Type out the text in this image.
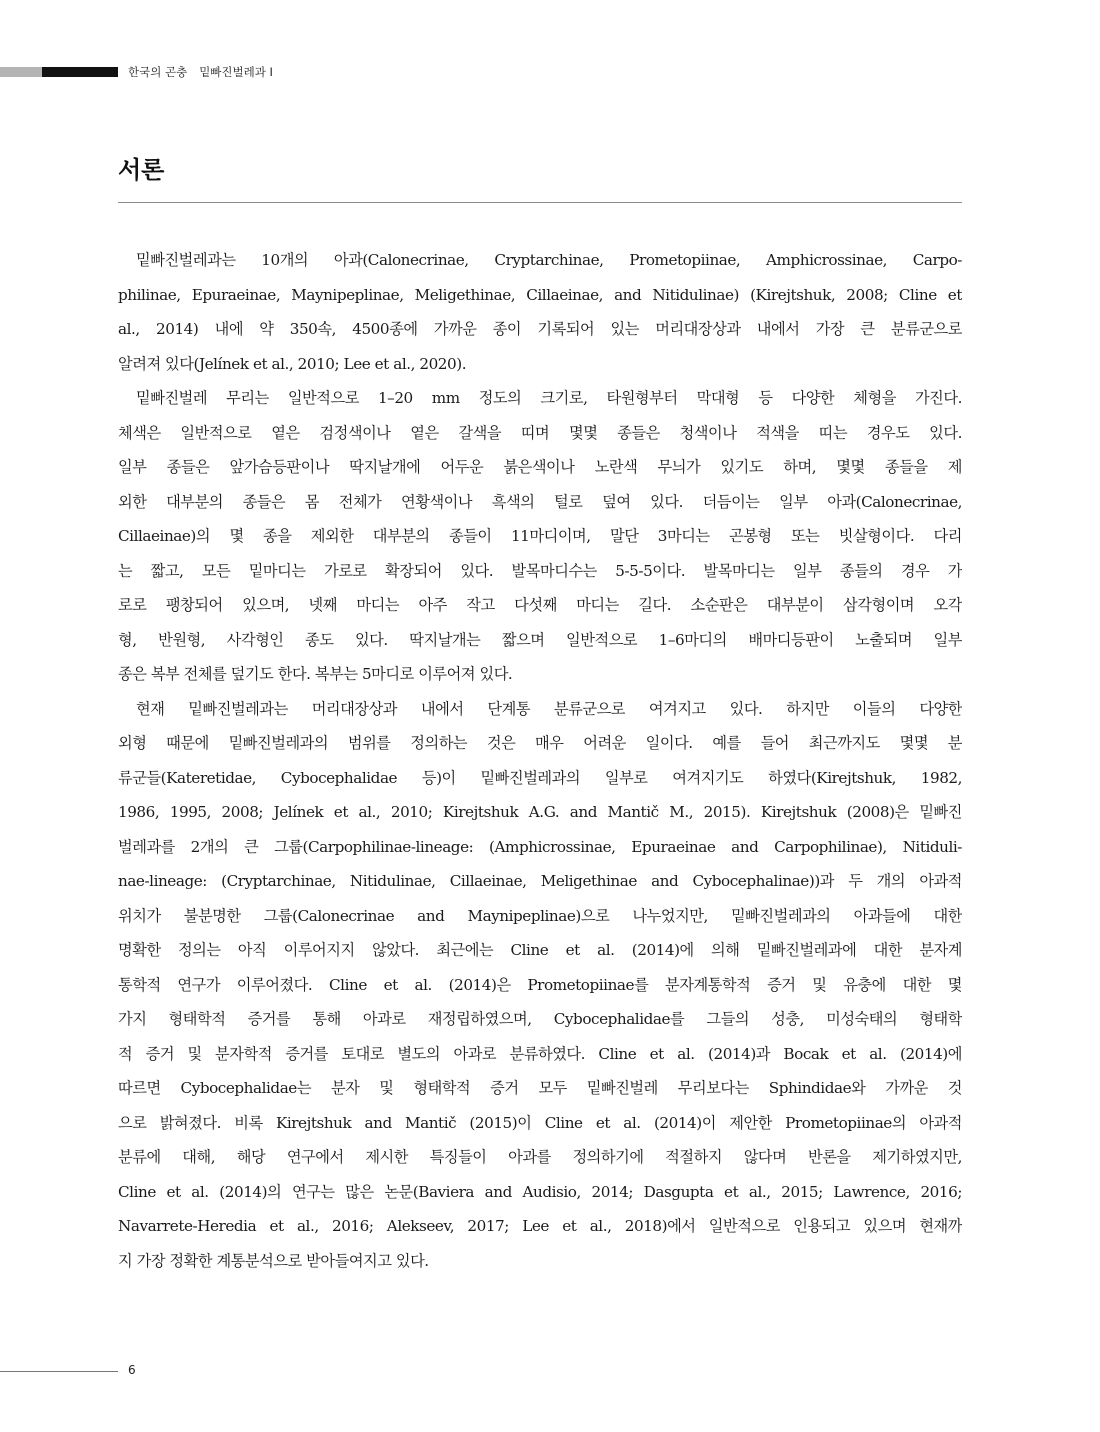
한국의 곤충 밑빠진벌레과 I
서론
밑빠진벌레과는 10개의 아과(Calonecrinae, Cryptarchinae, Prometopiinae, Amphicrossinae, Carpo-
philinae, Epuraeinae, Maynipeplinae, Meligethinae, Cillaeinae, and Nitidulinae) (Kirejtshuk, 2008; Cline et
al., 2014) 내에 약 350속, 4500종에 가까운 종이 기록되어 있는 머리대장상과 내에서 가장 큰 분류군으로
알려져 있다(Jelínek et al., 2010; Lee et al., 2020).
밑빠진벌레 무리는 일반적으로 1–20 mm 정도의 크기로, 타원형부터 막대형 등 다양한 체형을 가진다.
체색은 일반적으로 옅은 검정색이나 옅은 갈색을 띠며 몇몇 종들은 청색이나 적색을 띠는 경우도 있다.
일부 종들은 앞가슴등판이나 딱지날개에 어두운 붉은색이나 노란색 무늬가 있기도 하며, 몇몇 종들을 제
외한 대부분의 종들은 몸 전체가 연황색이나 흑색의 털로 덮여 있다. 더듬이는 일부 아과(Calonecrinae,
Cillaeinae)의 몇 종을 제외한 대부분의 종들이 11마디이며, 말단 3마디는 곤봉형 또는 빗살형이다. 다리
는 짧고, 모든 밑마디는 가로로 확장되어 있다. 발목마디수는 5-5-5이다. 발목마디는 일부 종들의 경우 가
로로 팽창되어 있으며, 넷째 마디는 아주 작고 다섯째 마디는 길다. 소순판은 대부분이 삼각형이며 오각
형, 반원형, 사각형인 종도 있다. 딱지날개는 짧으며 일반적으로 1–6마디의 배마디등판이 노출되며 일부
종은 복부 전체를 덮기도 한다. 복부는 5마디로 이루어져 있다.
현재 밑빠진벌레과는 머리대장상과 내에서 단계통 분류군으로 여겨지고 있다. 하지만 이들의 다양한
외형 때문에 밑빠진벌레과의 범위를 정의하는 것은 매우 어려운 일이다. 예를 들어 최근까지도 몇몇 분
류군들(Kateretidae, Cybocephalidae 등)이 밑빠진벌레과의 일부로 여겨지기도 하였다(Kirejtshuk, 1982,
1986, 1995, 2008; Jelínek et al., 2010; Kirejtshuk A.G. and Mantič M., 2015). Kirejtshuk (2008)은 밑빠진
벌레과를 2개의 큰 그룹(Carpophilinae-lineage: (Amphicrossinae, Epuraeinae and Carpophilinae), Nitiduli-
nae-lineage: (Cryptarchinae, Nitidulinae, Cillaeinae, Meligethinae and Cybocephalinae))과 두 개의 아과적
위치가 불분명한 그룹(Calonecrinae and Maynipeplinae)으로 나누었지만, 밑빠진벌레과의 아과들에 대한
명확한 정의는 아직 이루어지지 않았다. 최근에는 Cline et al. (2014)에 의해 밑빠진벌레과에 대한 분자계
통학적 연구가 이루어졌다. Cline et al. (2014)은 Prometopiinae를 분자계통학적 증거 및 유충에 대한 몇
가지 형태학적 증거를 통해 아과로 재정립하였으며, Cybocephalidae를 그들의 성충, 미성숙태의 형태학
적 증거 및 분자학적 증거를 토대로 별도의 아과로 분류하였다. Cline et al. (2014)과 Bocak et al. (2014)에
따르면 Cybocephalidae는 분자 및 형태학적 증거 모두 밑빠진벌레 무리보다는 Sphindidae와 가까운 것
으로 밝혀졌다. 비록 Kirejtshuk and Mantič (2015)이 Cline et al. (2014)이 제안한 Prometopiinae의 아과적
분류에 대해, 해당 연구에서 제시한 특징들이 아과를 정의하기에 적절하지 않다며 반론을 제기하였지만,
Cline et al. (2014)의 연구는 많은 논문(Baviera and Audisio, 2014; Dasgupta et al., 2015; Lawrence, 2016;
Navarrete-Heredia et al., 2016; Alekseev, 2017; Lee et al., 2018)에서 일반적으로 인용되고 있으며 현재까
지 가장 정확한 계통분석으로 받아들여지고 있다.
6
